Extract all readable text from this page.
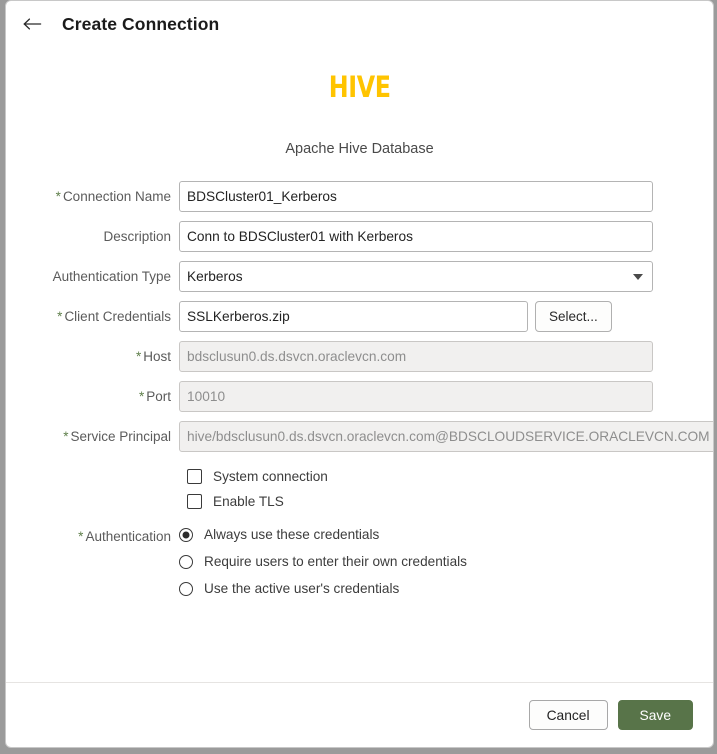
Create Connection
HIVE
Apache Hive Database
* Connection Name	BDSCluster01_Kerberos
Description	Conn to BDSCluster01 with Kerberos
Authentication Type	Kerberos
* Client Credentials	SSLKerberos.zip	Select...
* Host	bdsclusun0.ds.dsvcn.oraclevcn.com
* Port	10010
* Service Principal	hive/bdsclusun0.ds.dsvcn.oraclevcn.com@BDSCLOUDSERVICE.ORACLEVCN.COM
System connection
Enable TLS
* Authentication	Always use these credentials
Require users to enter their own credentials
Use the active user's credentials
Cancel	Save
